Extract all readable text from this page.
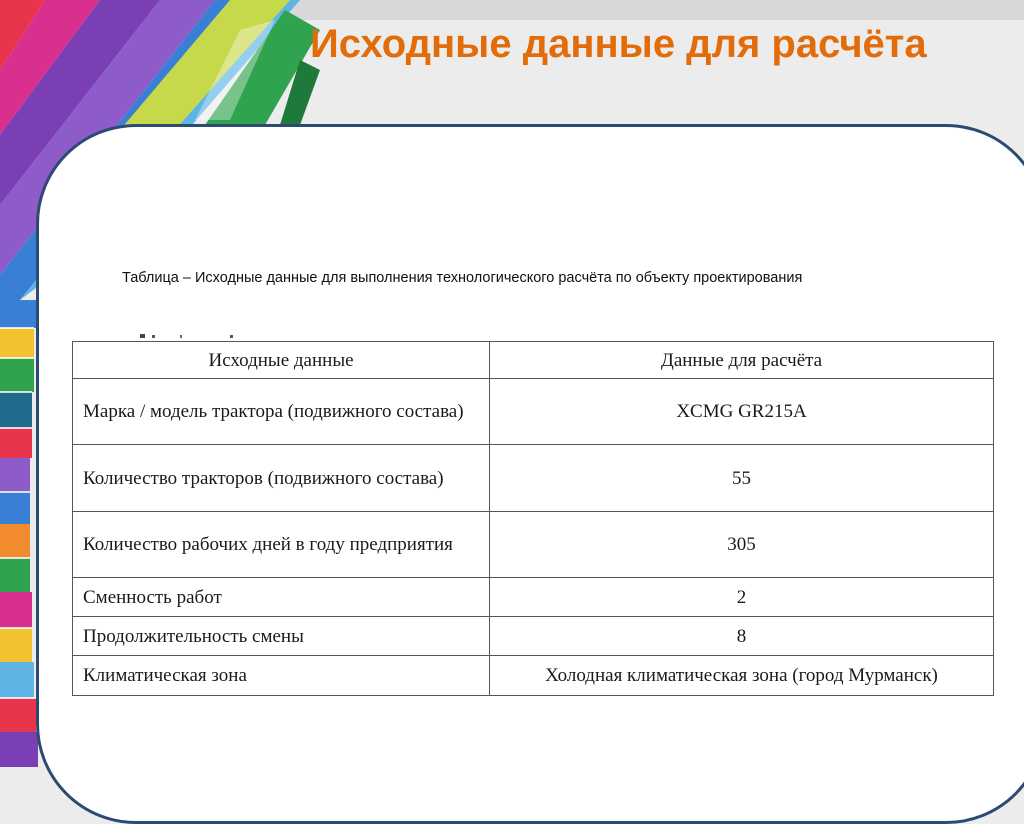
Исходные данные для расчёта
Таблица – Исходные данные для выполнения технологического расчёта по объекту проектирования
Исходные данные	Данные для расчёта
Марка / модель трактора (подвижного состава)	XCMG GR215A
Количество тракторов (подвижного состава)	55
Количество рабочих дней в году предприятия	305
Сменность работ	2
Продолжительность смены	8
Климатическая зона	Холодная климатическая зона (город Мурманск)
